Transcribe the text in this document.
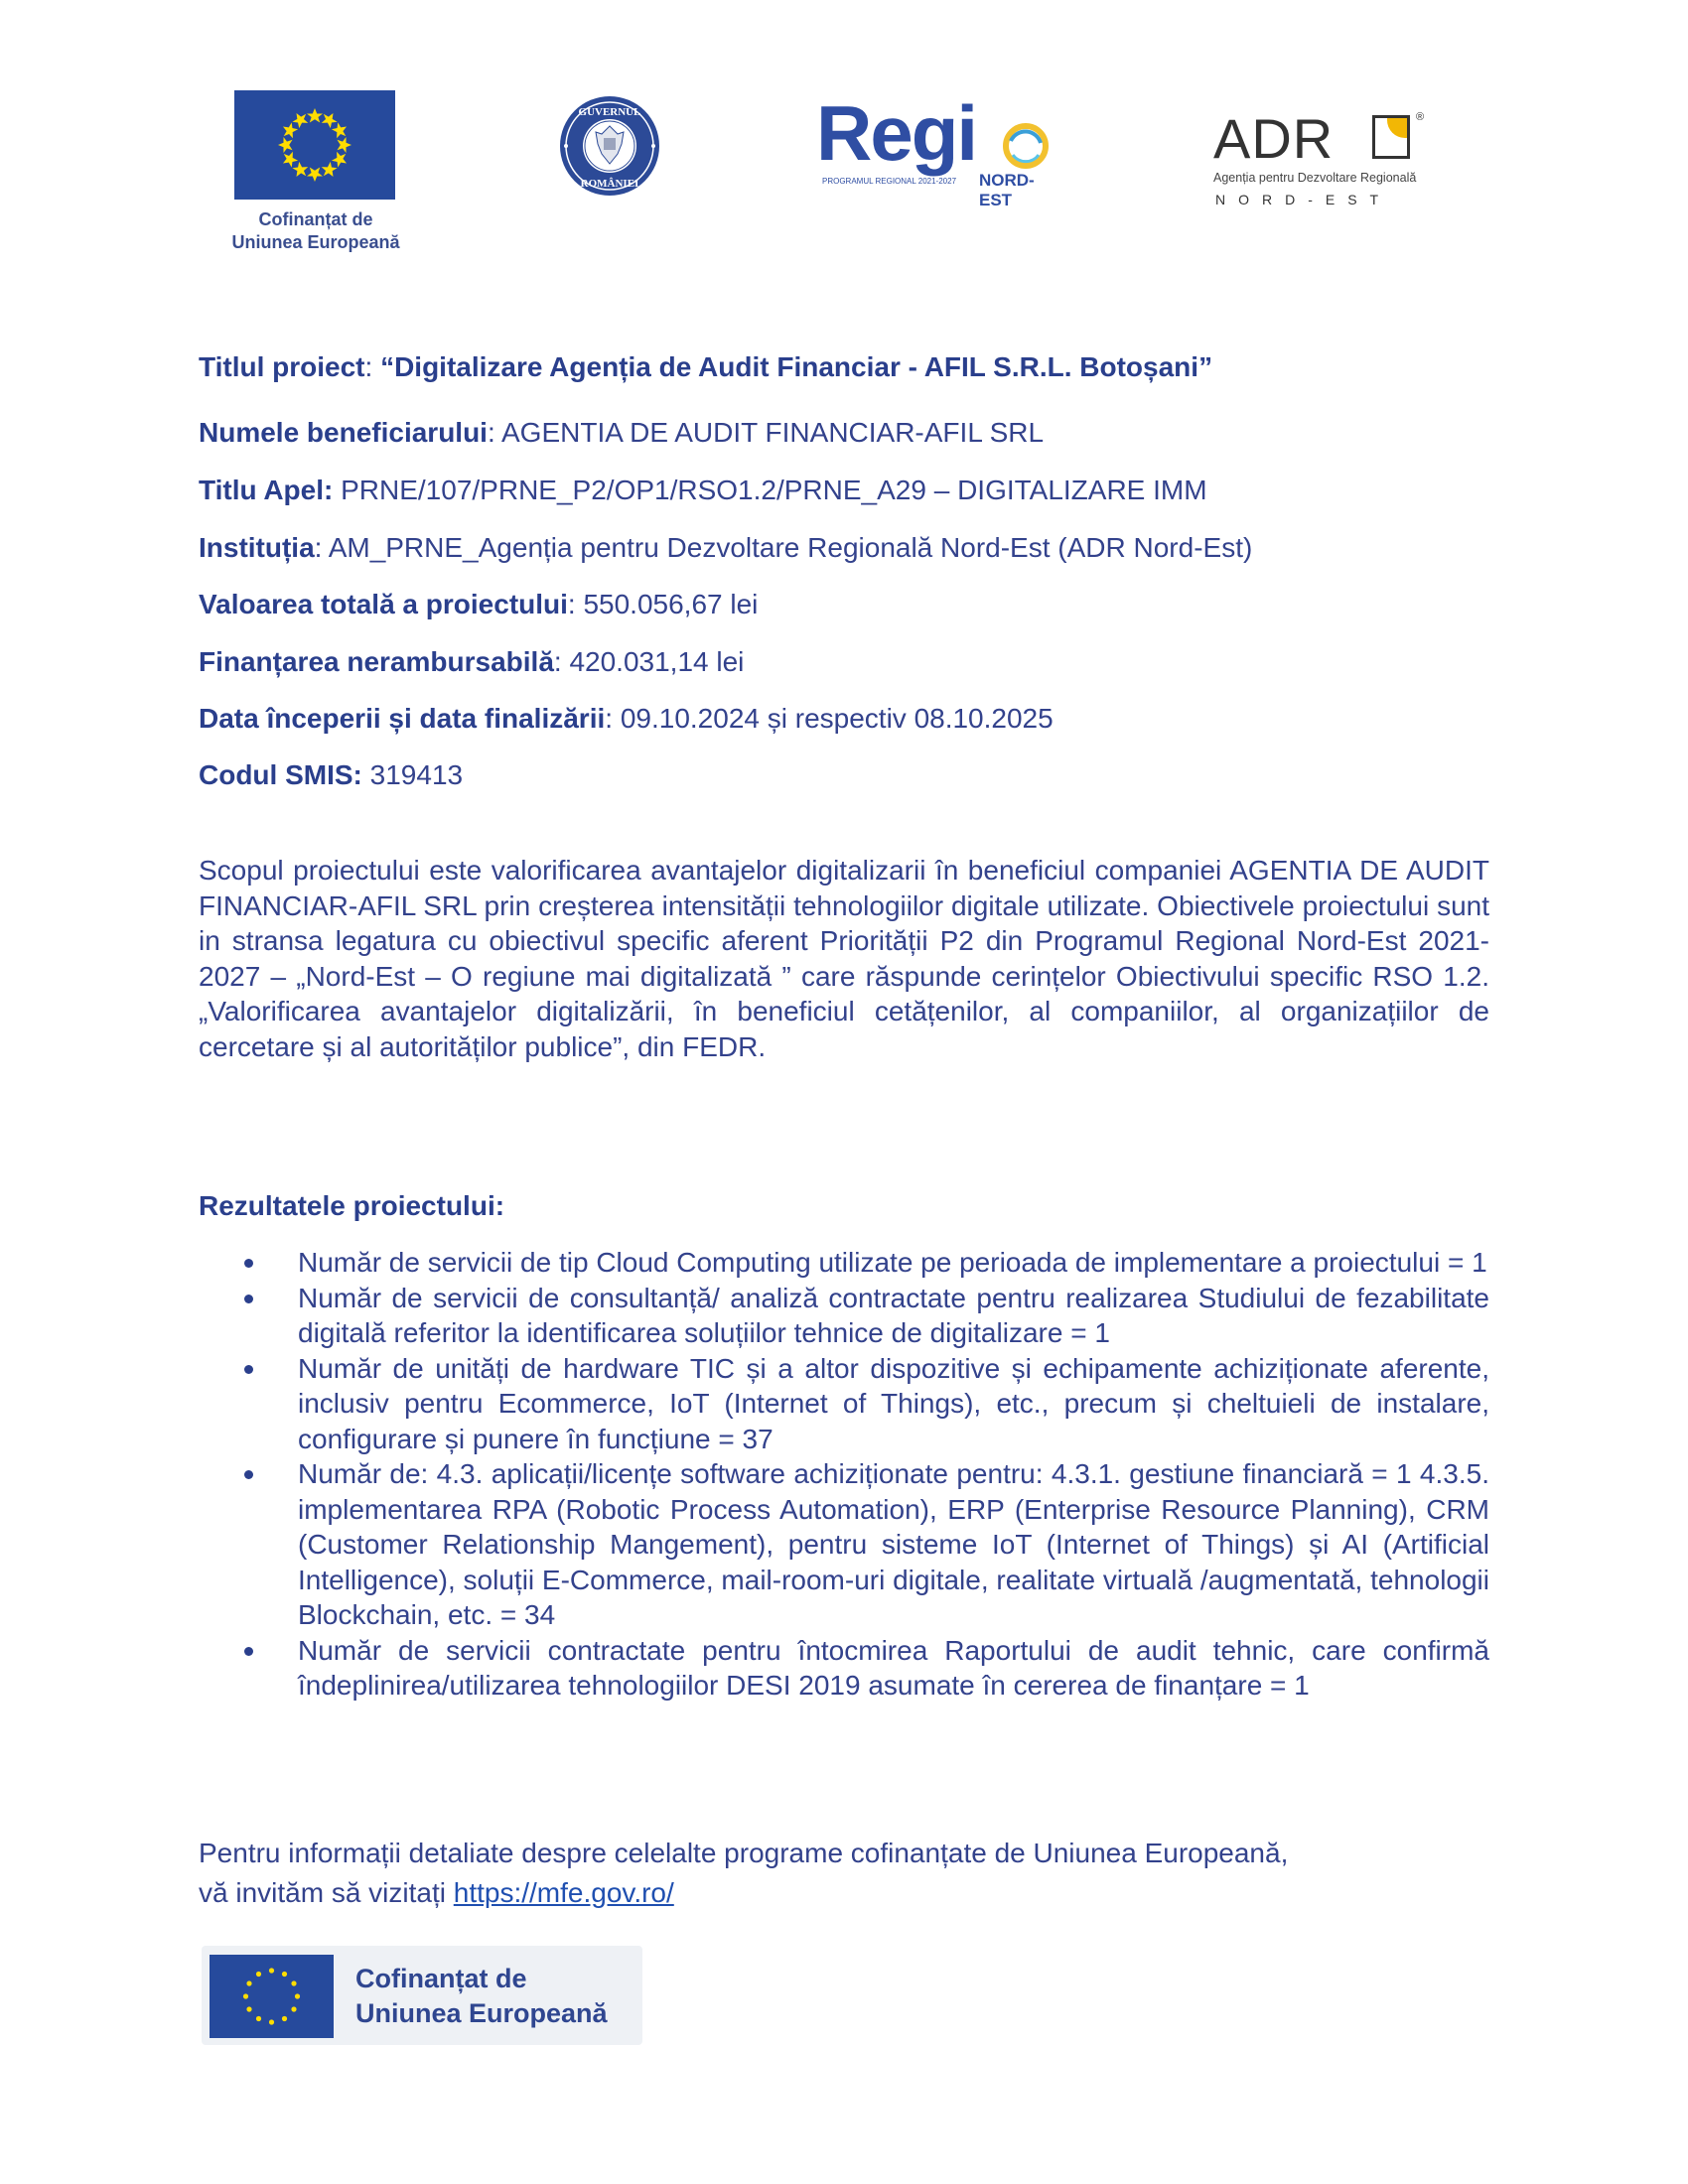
Cofinanțat de
Uniunea Europeană
GUVERNUL
ROMÂNIEI
Regi
PROGRAMUL REGIONAL 2021-2027 NORD-EST
ADR	®
Agenția pentru Dezvoltare Regională
NORD-EST
Titlul proiect: “Digitalizare Agenția de Audit Financiar - AFIL S.R.L. Botoșani”
Numele beneficiarului: AGENTIA DE AUDIT FINANCIAR-AFIL SRL
Titlu Apel: PRNE/107/PRNE_P2/OP1/RSO1.2/PRNE_A29 – DIGITALIZARE IMM
Instituția: AM_PRNE_Agenția pentru Dezvoltare Regională Nord-Est (ADR Nord-Est)
Valoarea totală a proiectului: 550.056,67 lei
Finanțarea nerambursabilă: 420.031,14 lei
Data începerii și data finalizării: 09.10.2024 și respectiv 08.10.2025
Codul SMIS: 319413

Scopul proiectului este valorificarea avantajelor digitalizarii în beneficiul companiei AGENTIA DE AUDIT FINANCIAR-AFIL SRL prin creșterea intensității tehnologiilor digitale utilizate. Obiectivele proiectului sunt in stransa legatura cu obiectivul specific aferent Priorității P2 din Programul Regional Nord-Est 2021-2027 – „Nord-Est – O regiune mai digitalizată ” care răspunde cerințelor Obiectivului specific RSO 1.2. „Valorificarea avantajelor digitalizării, în beneficiul cetățenilor, al companiilor, al organizațiilor de cercetare și al autorităților publice”, din FEDR.

Rezultatele proiectului:
Număr de servicii de tip Cloud Computing utilizate pe perioada de implementare a proiectului = 1
Număr de servicii de consultanță/ analiză contractate pentru realizarea Studiului de fezabilitate digitală referitor la identificarea soluțiilor tehnice de digitalizare = 1
Număr de unități de hardware TIC și a altor dispozitive și echipamente achiziționate aferente, inclusiv pentru Ecommerce, IoT (Internet of Things), etc., precum și cheltuieli de instalare, configurare și punere în funcțiune = 37
Număr de: 4.3. aplicații/licențe software achiziționate pentru: 4.3.1. gestiune financiară = 1 4.3.5. implementarea RPA (Robotic Process Automation), ERP (Enterprise Resource Planning), CRM (Customer Relationship Mangement), pentru sisteme IoT (Internet of Things) și AI (Artificial Intelligence), soluții E-Commerce, mail-room-uri digitale, realitate virtuală /augmentată, tehnologii Blockchain, etc. = 34
Număr de servicii contractate pentru întocmirea Raportului de audit tehnic, care confirmă îndeplinirea/utilizarea tehnologiilor DESI 2019 asumate în cererea de finanțare = 1
Pentru informații detaliate despre celelalte programe cofinanțate de Uniunea Europeană,
vă invităm să vizitați https://mfe.gov.ro/
Cofinanțat de
Uniunea Europeană
